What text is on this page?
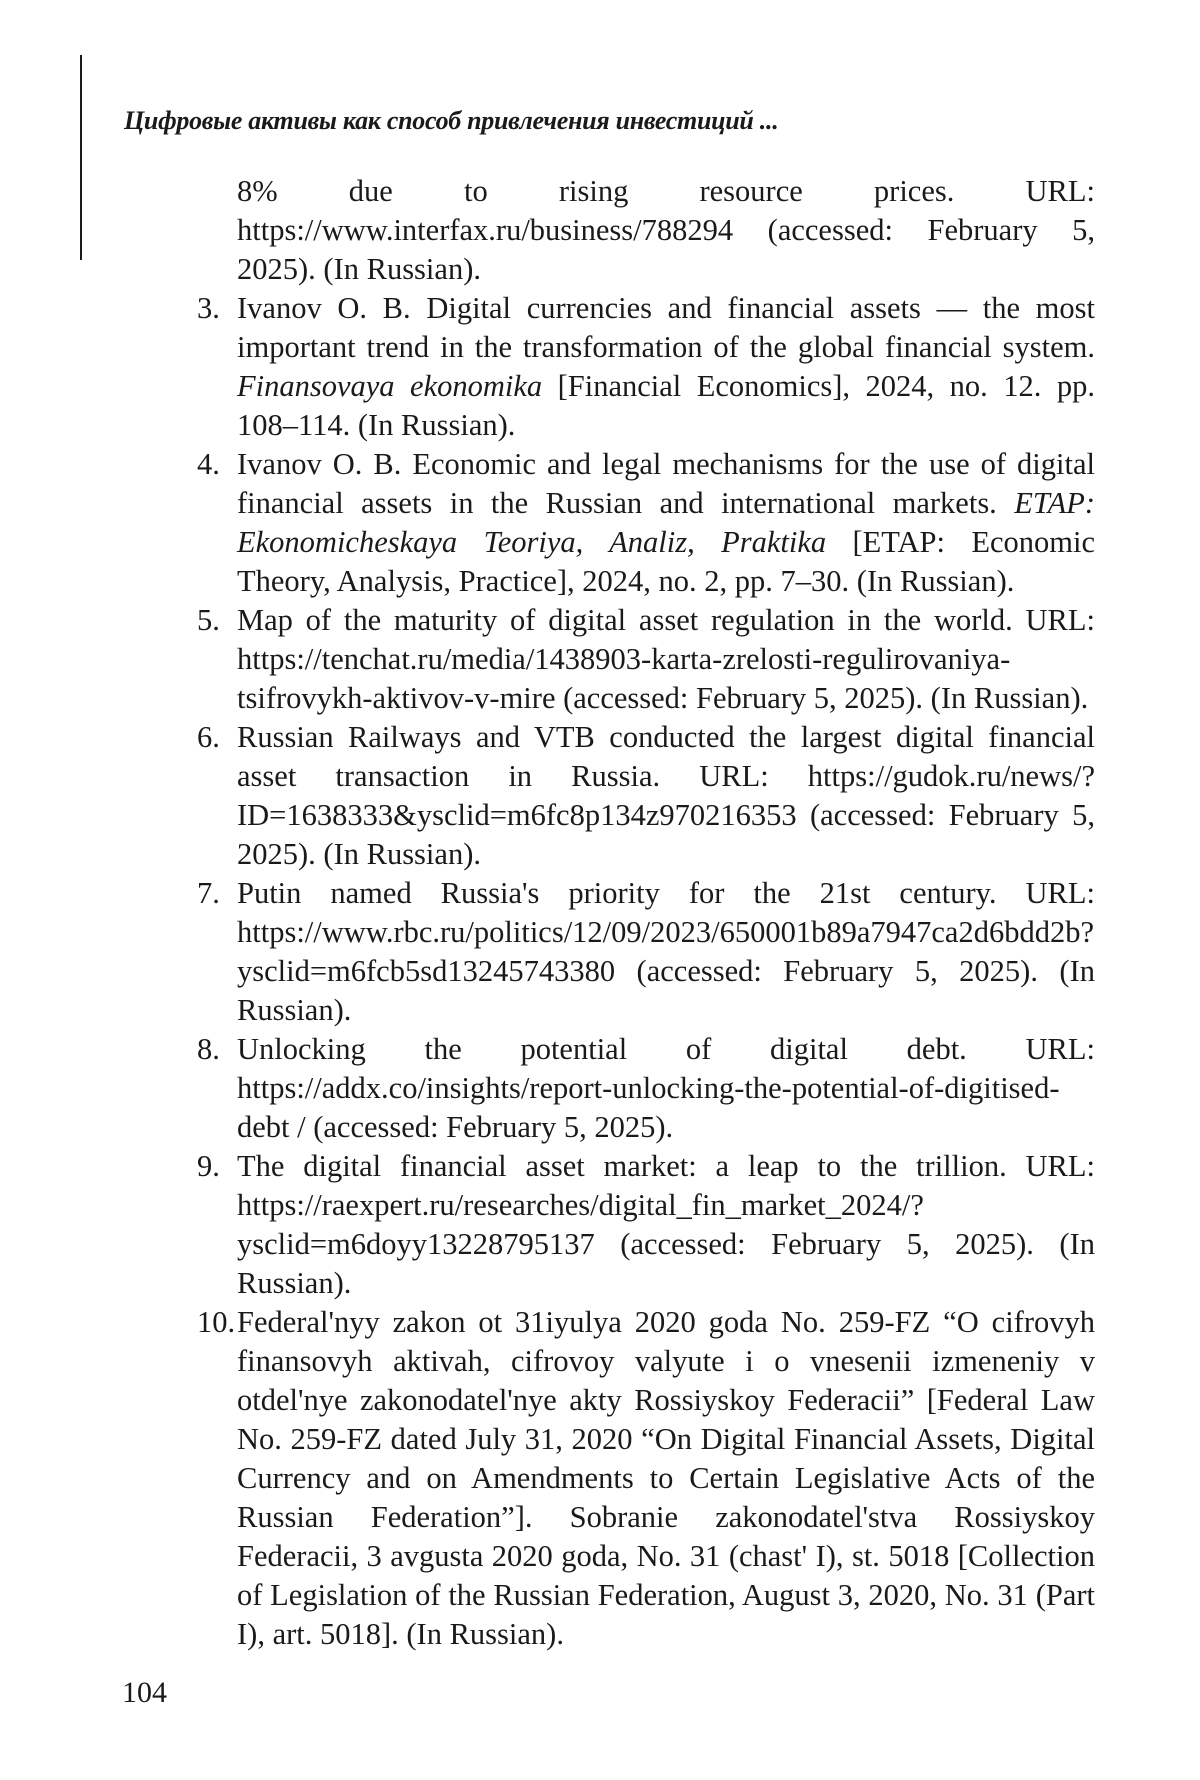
Цифровые активы как способ привлечения инвестиций ...
8% due to rising resource prices. URL: https://www.interfax.ru/business/788294 (accessed: February 5, 2025). (In Russian).
3. Ivanov O. B. Digital currencies and financial assets — the most important trend in the transformation of the global financial system. Finansovaya ekonomika [Financial Economics], 2024, no. 12. pp. 108–114. (In Russian).
4. Ivanov O. B. Economic and legal mechanisms for the use of digital financial assets in the Russian and international markets. ETAP: Ekonomicheskaya Teoriya, Analiz, Praktika [ETAP: Economic Theory, Analysis, Practice], 2024, no. 2, pp. 7–30. (In Russian).
5. Map of the maturity of digital asset regulation in the world. URL: https://tenchat.ru/media/1438903-karta-zrelosti-regulirovaniya-tsifrovykh-aktivov-v-mire (accessed: February 5, 2025). (In Russian).
6. Russian Railways and VTB conducted the largest digital financial asset transaction in Russia. URL: https://gudok.ru/news/? ID=1638333&ysclid=m6fc8p134z970216353 (accessed: February 5, 2025). (In Russian).
7. Putin named Russia's priority for the 21st century. URL: https://www.rbc.ru/politics/12/09/2023/650001b89a7947ca2d6bdd2b?ysclid=m6fcb5sd13245743380 (accessed: February 5, 2025). (In Russian).
8. Unlocking the potential of digital debt. URL: https://addx.co/insights/report-unlocking-the-potential-of-digitised-debt / (accessed: February 5, 2025).
9. The digital financial asset market: a leap to the trillion. URL: https://raexpert.ru/researches/digital_fin_market_2024/?ysclid=m6doyy13228795137 (accessed: February 5, 2025). (In Russian).
10. Federal'nyy zakon ot 31iyulya 2020 goda No. 259-FZ “O cifrovyh finansovyh aktivah, cifrovoy valyute i o vnesenii izmeneniy v otdel'nye zakonodatel'nye akty Rossiyskoy Federacii” [Federal Law No. 259-FZ dated July 31, 2020 “On Digital Financial Assets, Digital Currency and on Amendments to Certain Legislative Acts of the Russian Federation”]. Sobranie zakonodatel'stva Rossiyskoy Federacii, 3 avgusta 2020 goda, No. 31 (chast' I), st. 5018 [Collection of Legislation of the Russian Federation, August 3, 2020, No. 31 (Part I), art. 5018]. (In Russian).
104
